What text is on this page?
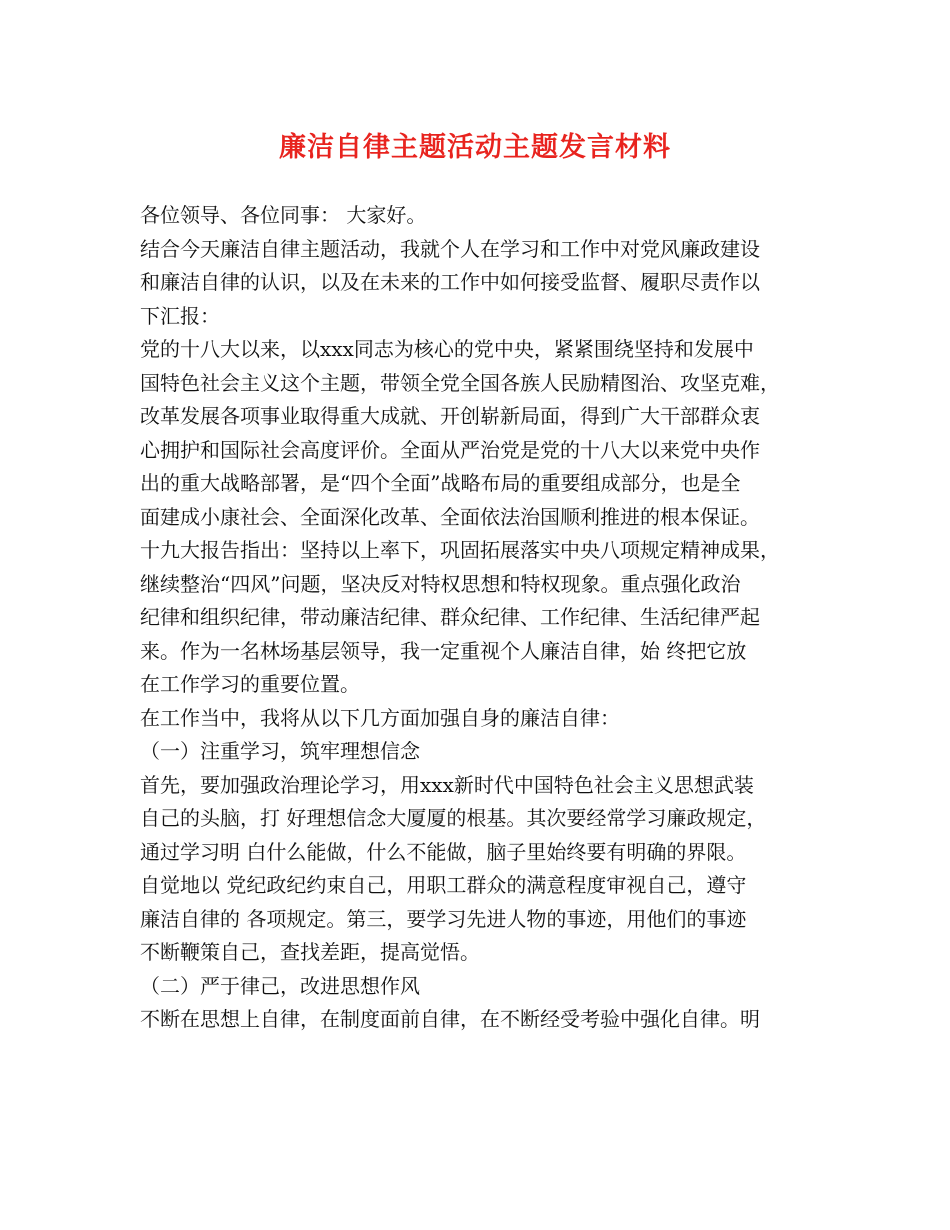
廉洁自律主题活动主题发言材料
各位领导、各位同事： 大家好。
结合今天廉洁自律主题活动，我就个人在学习和工作中对党风廉政建设
和廉洁自律的认识，以及在未来的工作中如何接受监督、履职尽责作以
下汇报：
党的十八大以来，以xxx同志为核心的党中央，紧紧围绕坚持和发展中
国特色社会主义这个主题，带领全党全国各族人民励精图治、攻坚克难，
改革发展各项事业取得重大成就、开创崭新局面，得到广大干部群众衷
心拥护和国际社会高度评价。全面从严治党是党的十八大以来党中央作
出的重大战略部署，是“四个全面”战略布局的重要组成部分，也是全
面建成小康社会、全面深化改革、全面依法治国顺利推进的根本保证。
十九大报告指出：坚持以上率下，巩固拓展落实中央八项规定精神成果，
继续整治“四风”问题，坚决反对特权思想和特权现象。重点强化政治
纪律和组织纪律，带动廉洁纪律、群众纪律、工作纪律、生活纪律严起
来。作为一名林场基层领导，我一定重视个人廉洁自律，始 终把它放
在工作学习的重要位置。
在工作当中，我将从以下几方面加强自身的廉洁自律：
（一）注重学习，筑牢理想信念
首先，要加强政治理论学习，用xxx新时代中国特色社会主义思想武装
自己的头脑，打 好理想信念大厦厦的根基。其次要经常学习廉政规定，
通过学习明 白什么能做，什么不能做，脑子里始终要有明确的界限。
自觉地以 党纪政纪约束自己，用职工群众的满意程度审视自己，遵守
廉洁自律的 各项规定。第三，要学习先进人物的事迹，用他们的事迹
不断鞭策自己，查找差距，提高觉悟。
（二）严于律己，改进思想作风
不断在思想上自律，在制度面前自律，在不断经受考验中强化自律。明
